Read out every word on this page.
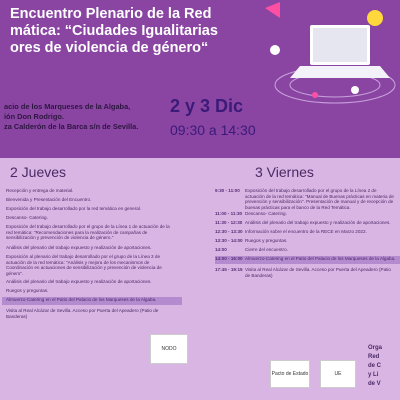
Encuentro Plenario de la Red
mática: “Ciudades Igualitarias
ores de violencia de género“
acio de los Marqueses de la Algaba,
ión Don Rodrigo.
za Calderón de la Barca s/n de Sevilla.
2 y 3 Dic
09:30 a 14:30
2 Jueves	3 Viernes
Recepción y entrega de material.
Bienvenida y Presentación del Encuentro.
Exposición del trabajo desarrollado por la red temática en general.
Descanso- Catering.
Exposición del trabajo desarrollado por el grupo de la Línea 1 de actuación de la red temática: "Recomendaciones para la realización de campañas de sensibilización y prevención de violencia de género."
Análisis del plenario del trabajo expuesto y realización de aportaciones.
Exposición al plenario del trabajo desarrollado por el grupo de la Línea 3 de actuación de la red temática: "Análisis y mejora de los mecanismos de Coordinación en actuaciones de sensibilización y prevención de violencia de género".
Análisis del plenario del trabajo expuesto y realización de aportaciones.
Ruegos y preguntas.
Almuerzo-Catering en el Patio del Palacio de los Marqueses de la Algaba.
Visita al Real Alcázar de Sevilla. Acceso por Puerta del Apeadero (Patio de Banderas)
9:30 - 11:00	Exposición del trabajo desarrollado por el grupo de la Línea 2 de actuación de la red temática: "Manual de Buenas prácticas en materia de prevención y sensibilización". Presentación de manual y de recepción de buenas prácticas para el banco de la Red Temática.
11:00 - 11:30 Descanso- Catering.
11:30 - 12:30 Análisis del plenario del trabajo expuesto y realización de aportaciones.
12:30 - 13:30 Información sobre el encuentro de la RECE en Marzo 2022.
13:30 - 14:00 Ruegos y preguntas.
14:00	Cierre del encuentro.
14:00 - 16:00 Almuerzo-Catering en el Patio del Palacio de los Marqueses de la Algaba.
17:45 - 19:15 Visita al Real Alcázar de Sevilla. Acceso por Puerta del Apeadero (Patio de Banderas)
NODO
Pacto de Estado	UE
Orga
Red
de C
y Li
de V
